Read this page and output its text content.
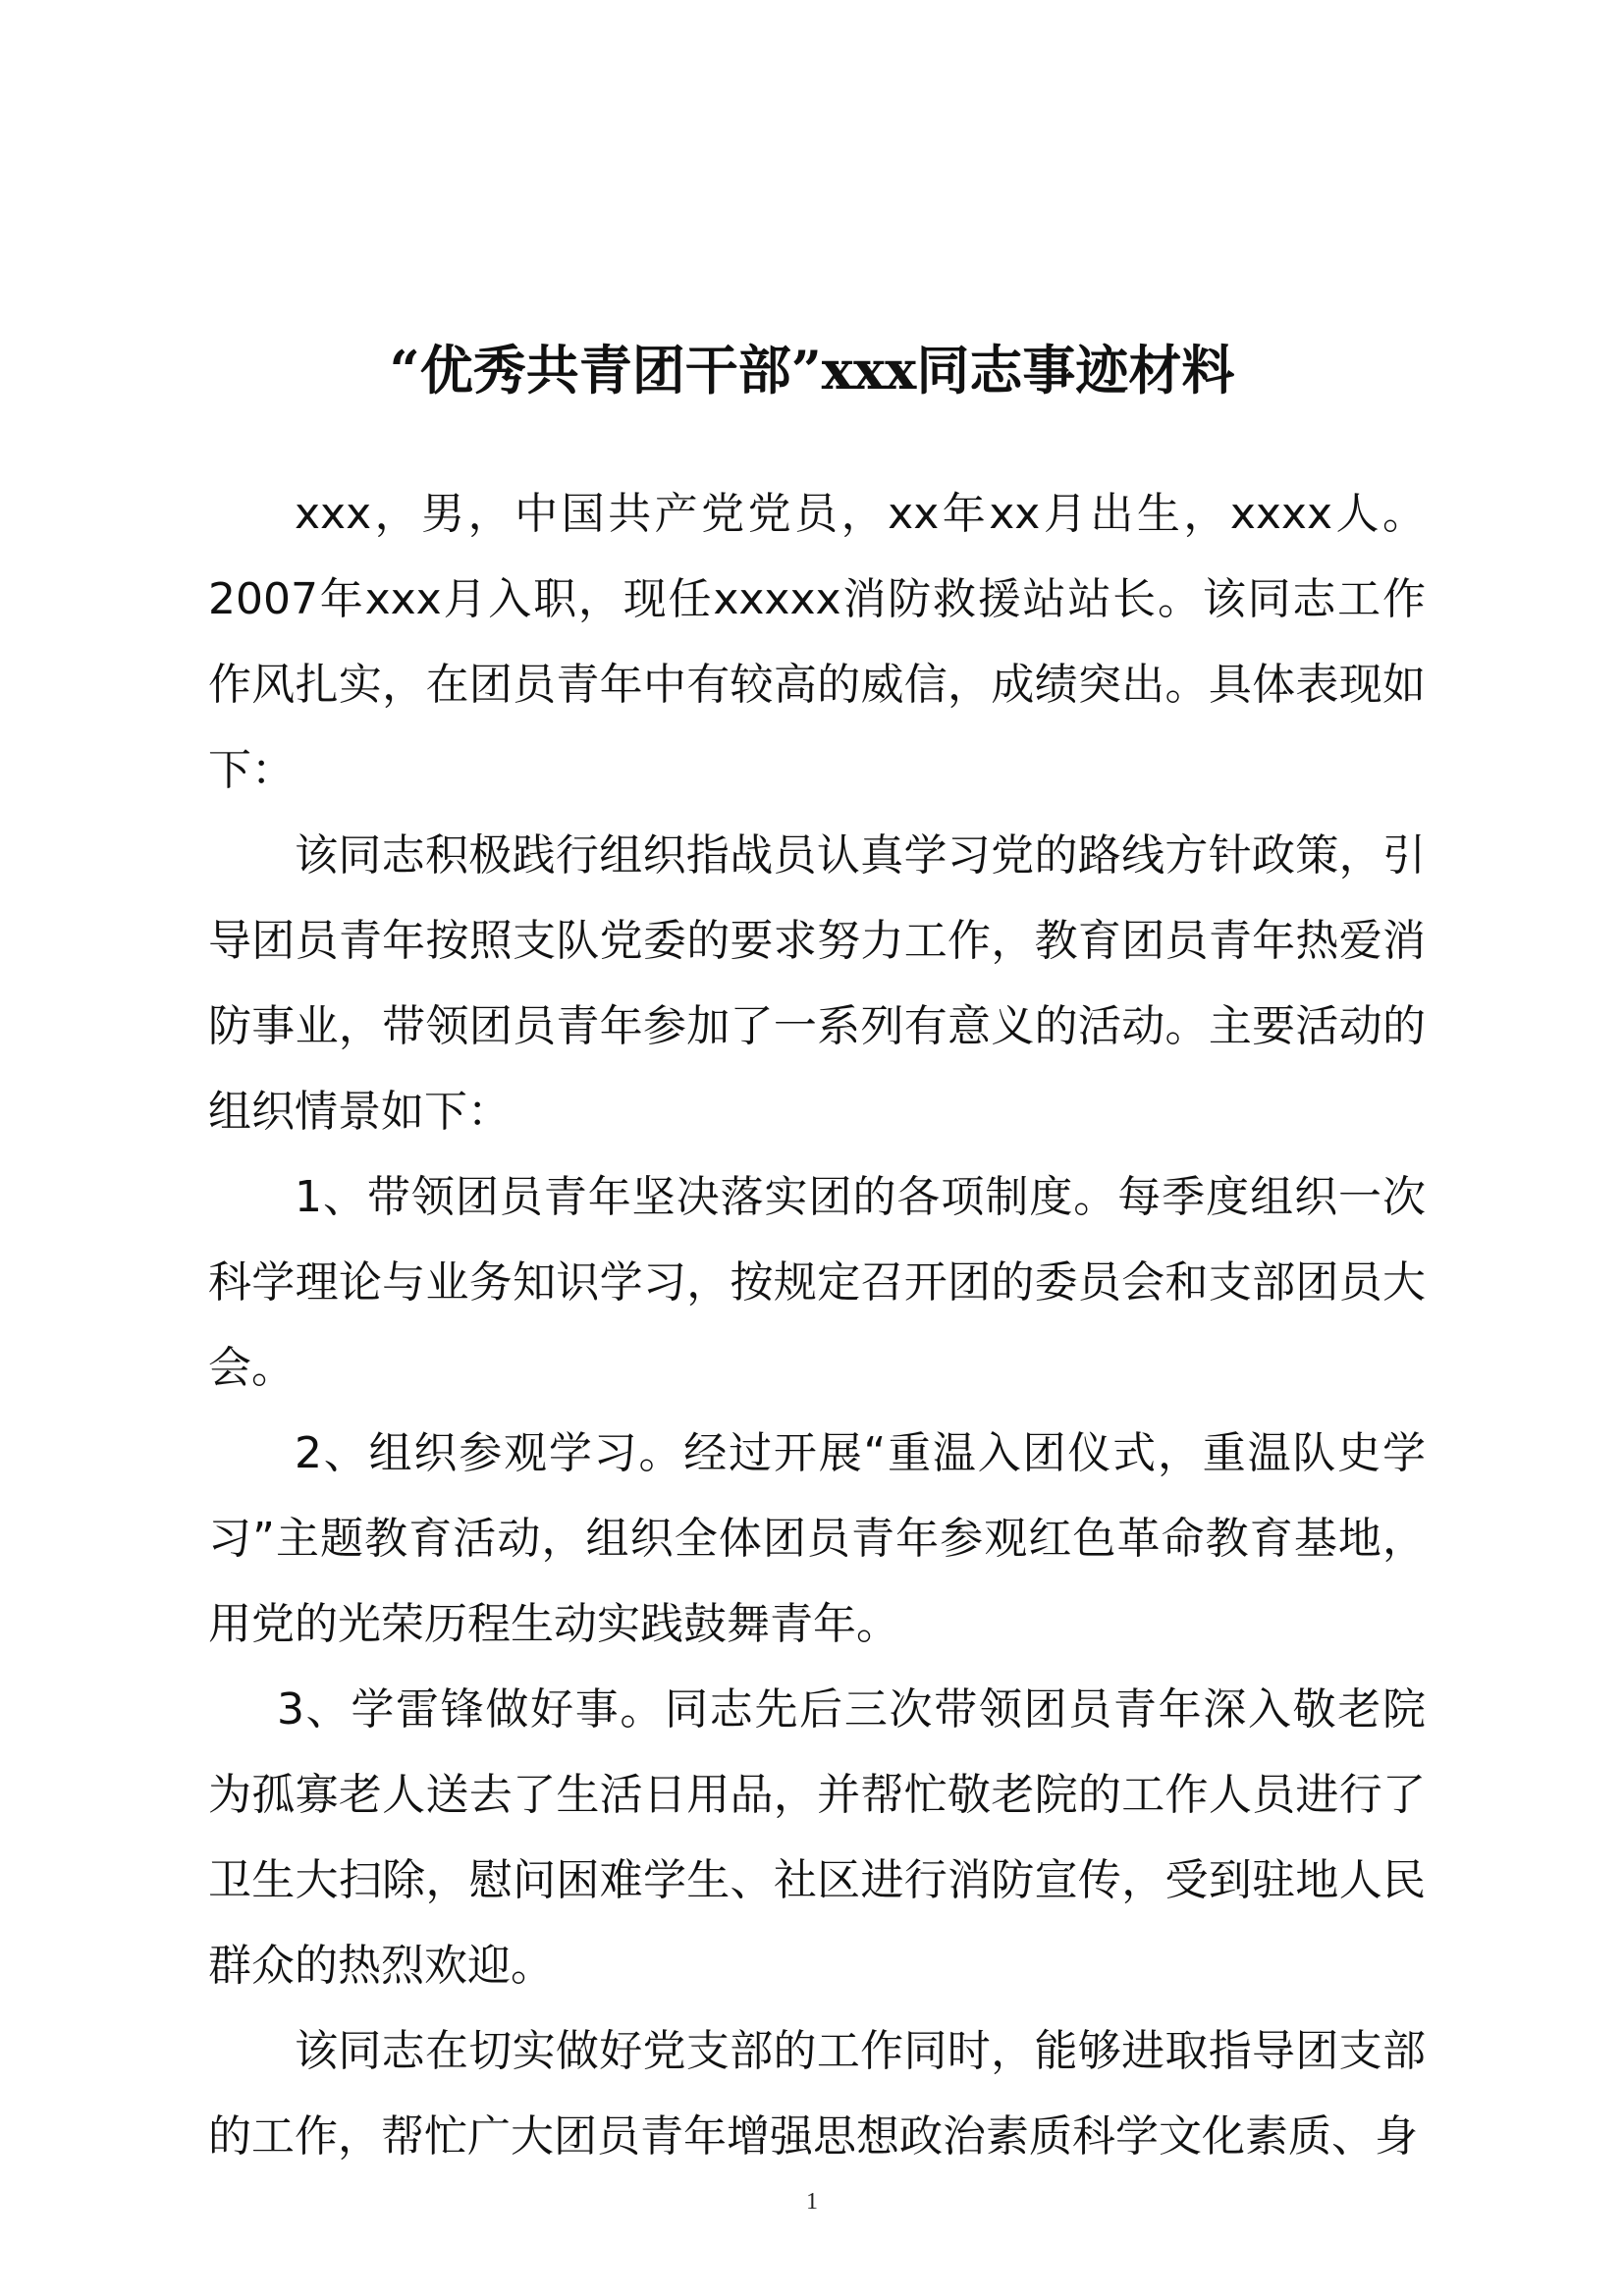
“优秀共青团干部”xxx同志事迹材料

xxx，男，中国共产党党员，xx年xx月出生，xxxx人。2007年xxx月入职，现任xxxxx消防救援站站长。该同志工作作风扎实，在团员青年中有较高的威信，成绩突出。具体表现如下：

该同志积极践行组织指战员认真学习党的路线方针政策，引导团员青年按照支队党委的要求努力工作，教育团员青年热爱消防事业，带领团员青年参加了一系列有意义的活动。主要活动的组织情景如下：

1、带领团员青年坚决落实团的各项制度。每季度组织一次科学理论与业务知识学习，按规定召开团的委员会和支部团员大会。

2、组织参观学习。经过开展“重温入团仪式，重温队史学习”主题教育活动，组织全体团员青年参观红色革命教育基地，用党的光荣历程生动实践鼓舞青年。

3、学雷锋做好事。同志先后三次带领团员青年深入敬老院为孤寡老人送去了生活日用品，并帮忙敬老院的工作人员进行了卫生大扫除，慰问困难学生、社区进行消防宣传，受到驻地人民群众的热烈欢迎。

该同志在切实做好党支部的工作同时，能够进取指导团支部的工作，帮忙广大团员青年增强思想政治素质科学文化素质、身

1
